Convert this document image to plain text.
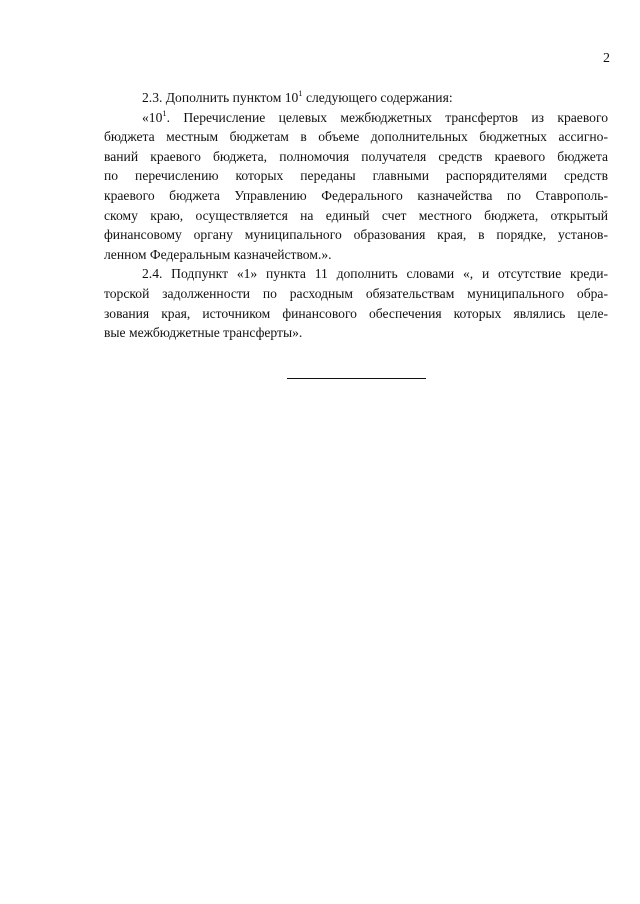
2

2.3. Дополнить пунктом $10^1$ следующего содержания:

«$10^1$. Перечисление целевых межбюджетных трансфертов из краевого
бюджета местным бюджетам в объеме дополнительных бюджетных ассигно-
ваний краевого бюджета, полномочия получателя средств краевого бюджета
по перечислению которых переданы главными распорядителями средств
краевого бюджета Управлению Федерального казначейства по Ставрополь-
скому краю, осуществляется на единый счет местного бюджета, открытый
финансовому органу муниципального образования края, в порядке, установ-
ленном Федеральным казначейством.».

2.4. Подпункт «1» пункта 11 дополнить словами «, и отсутствие креди-
торской задолженности по расходным обязательствам муниципального обра-
зования края, источником финансового обеспечения которых являлись целе-
вые межбюджетные трансферты».
